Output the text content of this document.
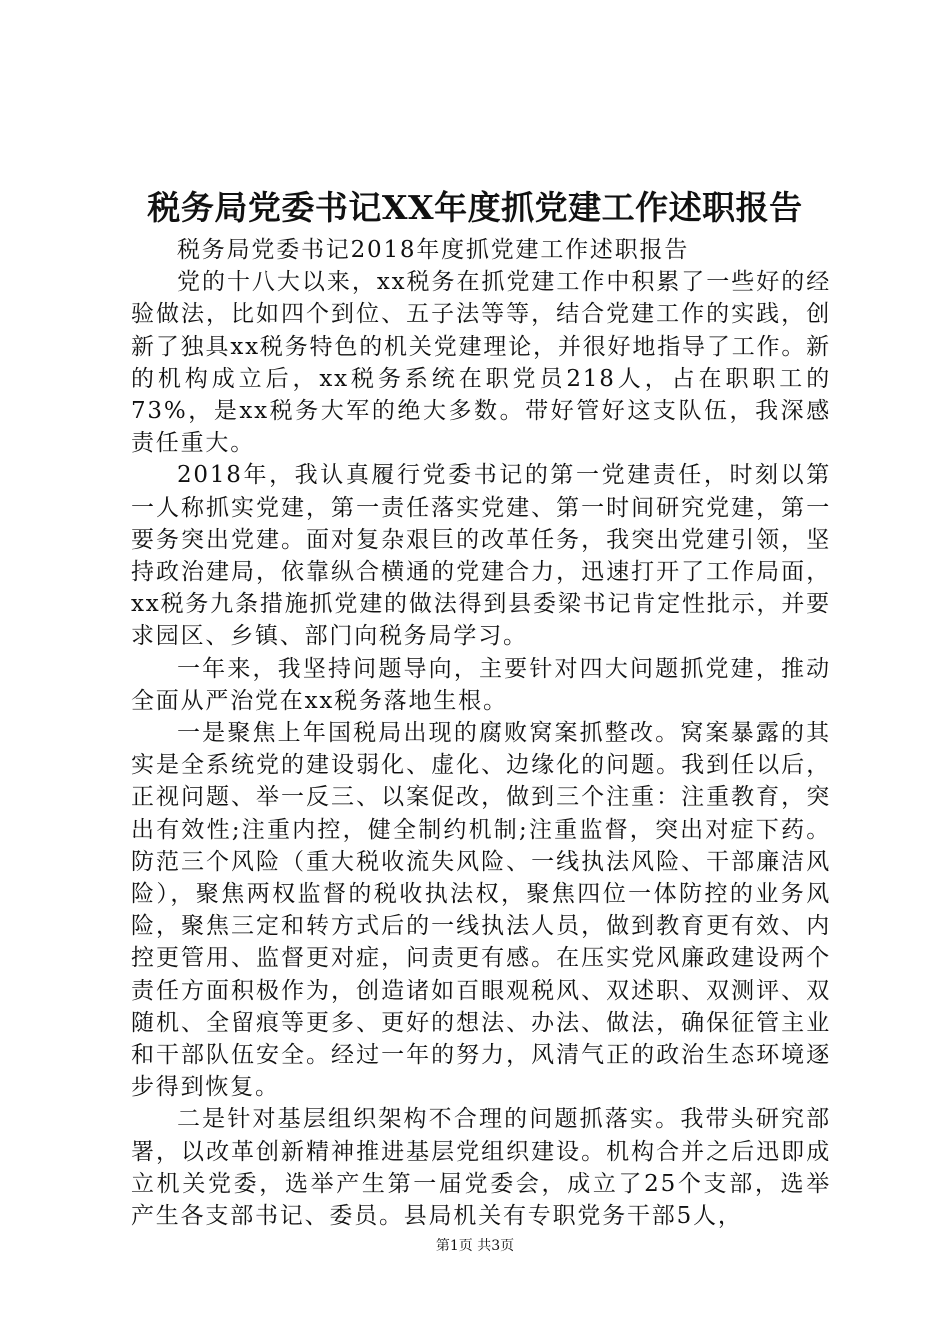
税务局党委书记XX年度抓党建工作述职报告

税务局党委书记2018年度抓党建工作述职报告

党的十八大以来，xx税务在抓党建工作中积累了一些好的经验做法，比如四个到位、五子法等等，结合党建工作的实践，创新了独具xx税务特色的机关党建理论，并很好地指导了工作。新的机构成立后，xx税务系统在职党员218人，占在职职工的73%，是xx税务大军的绝大多数。带好管好这支队伍，我深感责任重大。

2018年，我认真履行党委书记的第一党建责任，时刻以第一人称抓实党建，第一责任落实党建、第一时间研究党建，第一要务突出党建。面对复杂艰巨的改革任务，我突出党建引领，坚持政治建局，依靠纵合横通的党建合力，迅速打开了工作局面，xx税务九条措施抓党建的做法得到县委梁书记肯定性批示，并要求园区、乡镇、部门向税务局学习。

一年来，我坚持问题导向，主要针对四大问题抓党建，推动全面从严治党在xx税务落地生根。

一是聚焦上年国税局出现的腐败窝案抓整改。窝案暴露的其实是全系统党的建设弱化、虚化、边缘化的问题。我到任以后，正视问题、举一反三、以案促改，做到三个注重：注重教育，突出有效性;注重内控，健全制约机制;注重监督，突出对症下药。防范三个风险（重大税收流失风险、一线执法风险、干部廉洁风险），聚焦两权监督的税收执法权，聚焦四位一体防控的业务风险，聚焦三定和转方式后的一线执法人员，做到教育更有效、内控更管用、监督更对症，问责更有感。在压实党风廉政建设两个责任方面积极作为，创造诸如百眼观税风、双述职、双测评、双随机、全留痕等更多、更好的想法、办法、做法，确保征管主业和干部队伍安全。经过一年的努力，风清气正的政治生态环境逐步得到恢复。

二是针对基层组织架构不合理的问题抓落实。我带头研究部署，以改革创新精神推进基层党组织建设。机构合并之后迅即成立机关党委，选举产生第一届党委会，成立了25个支部，选举产生各支部书记、委员。县局机关有专职党务干部5人，

第1页 共3页
